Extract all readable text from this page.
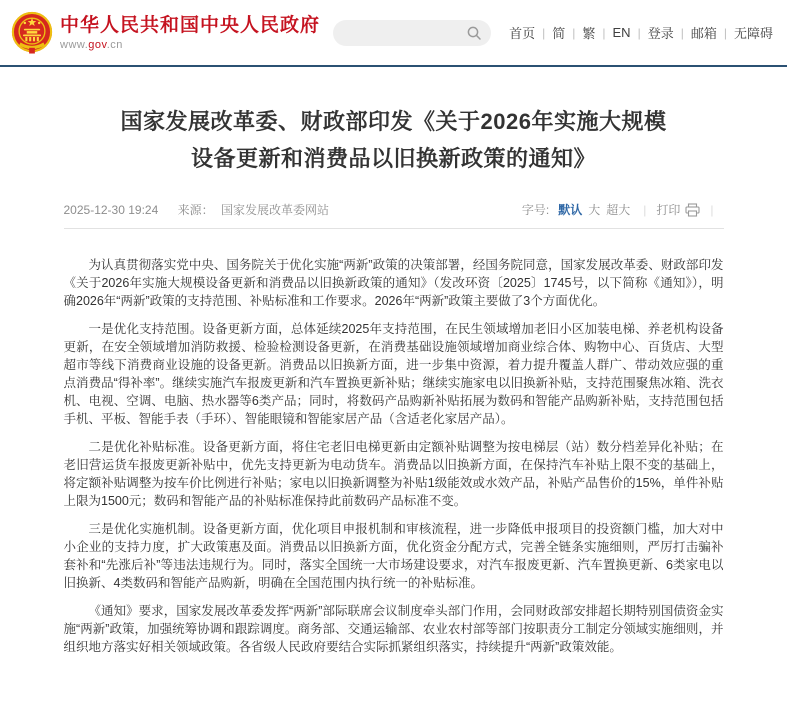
中华人民共和国中央人民政府
www.gov.cn
首页 | 简 | 繁 | EN | 登录 | 邮箱 | 无障碍
国家发展改革委、财政部印发《关于2026年实施大规模
设备更新和消费品以旧换新政策的通知》
2025-12-30 19:24 来源： 国家发展改革委网站	字号: 默认 大 超大 | 打印	|

为认真贯彻落实党中央、国务院关于优化实施“两新”政策的决策部署，经国务院同意，国家发展改革委、财政部印发《关于2026年实施大规模设备更新和消费品以旧换新政策的通知》（发改环资〔2025〕1745号，以下简称《通知》），明确2026年“两新”政策的支持范围、补贴标准和工作要求。2026年“两新”政策主要做了3个方面优化。

一是优化支持范围。设备更新方面，总体延续2025年支持范围，在民生领域增加老旧小区加装电梯、养老机构设备更新，在安全领域增加消防救援、检验检测设备更新，在消费基础设施领域增加商业综合体、购物中心、百货店、大型超市等线下消费商业设施的设备更新。消费品以旧换新方面，进一步集中资源，着力提升覆盖人群广、带动效应强的重点消费品“得补率”。继续实施汽车报废更新和汽车置换更新补贴；继续实施家电以旧换新补贴，支持范围聚焦冰箱、洗衣机、电视、空调、电脑、热水器等6类产品；同时，将数码产品购新补贴拓展为数码和智能产品购新补贴，支持范围包括手机、平板、智能手表（手环）、智能眼镜和智能家居产品（含适老化家居产品）。

二是优化补贴标准。设备更新方面，将住宅老旧电梯更新由定额补贴调整为按电梯层（站）数分档差异化补贴；在老旧营运货车报废更新补贴中，优先支持更新为电动货车。消费品以旧换新方面，在保持汽车补贴上限不变的基础上，将定额补贴调整为按车价比例进行补贴；家电以旧换新调整为补贴1级能效或水效产品，补贴产品售价的15%，单件补贴上限为1500元；数码和智能产品的补贴标准保持此前数码产品标准不变。

三是优化实施机制。设备更新方面，优化项目申报机制和审核流程，进一步降低申报项目的投资额门槛，加大对中小企业的支持力度，扩大政策惠及面。消费品以旧换新方面，优化资金分配方式，完善全链条实施细则，严厉打击骗补套补和“先涨后补”等违法违规行为。同时，落实全国统一大市场建设要求，对汽车报废更新、汽车置换更新、6类家电以旧换新、4类数码和智能产品购新，明确在全国范围内执行统一的补贴标准。

《通知》要求，国家发展改革委发挥“两新”部际联席会议制度牵头部门作用，会同财政部安排超长期特别国债资金实施“两新”政策，加强统筹协调和跟踪调度。商务部、交通运输部、农业农村部等部门按职责分工制定分领域实施细则，并组织地方落实好相关领域政策。各省级人民政府要结合实际抓紧组织落实，持续提升“两新”政策效能。
